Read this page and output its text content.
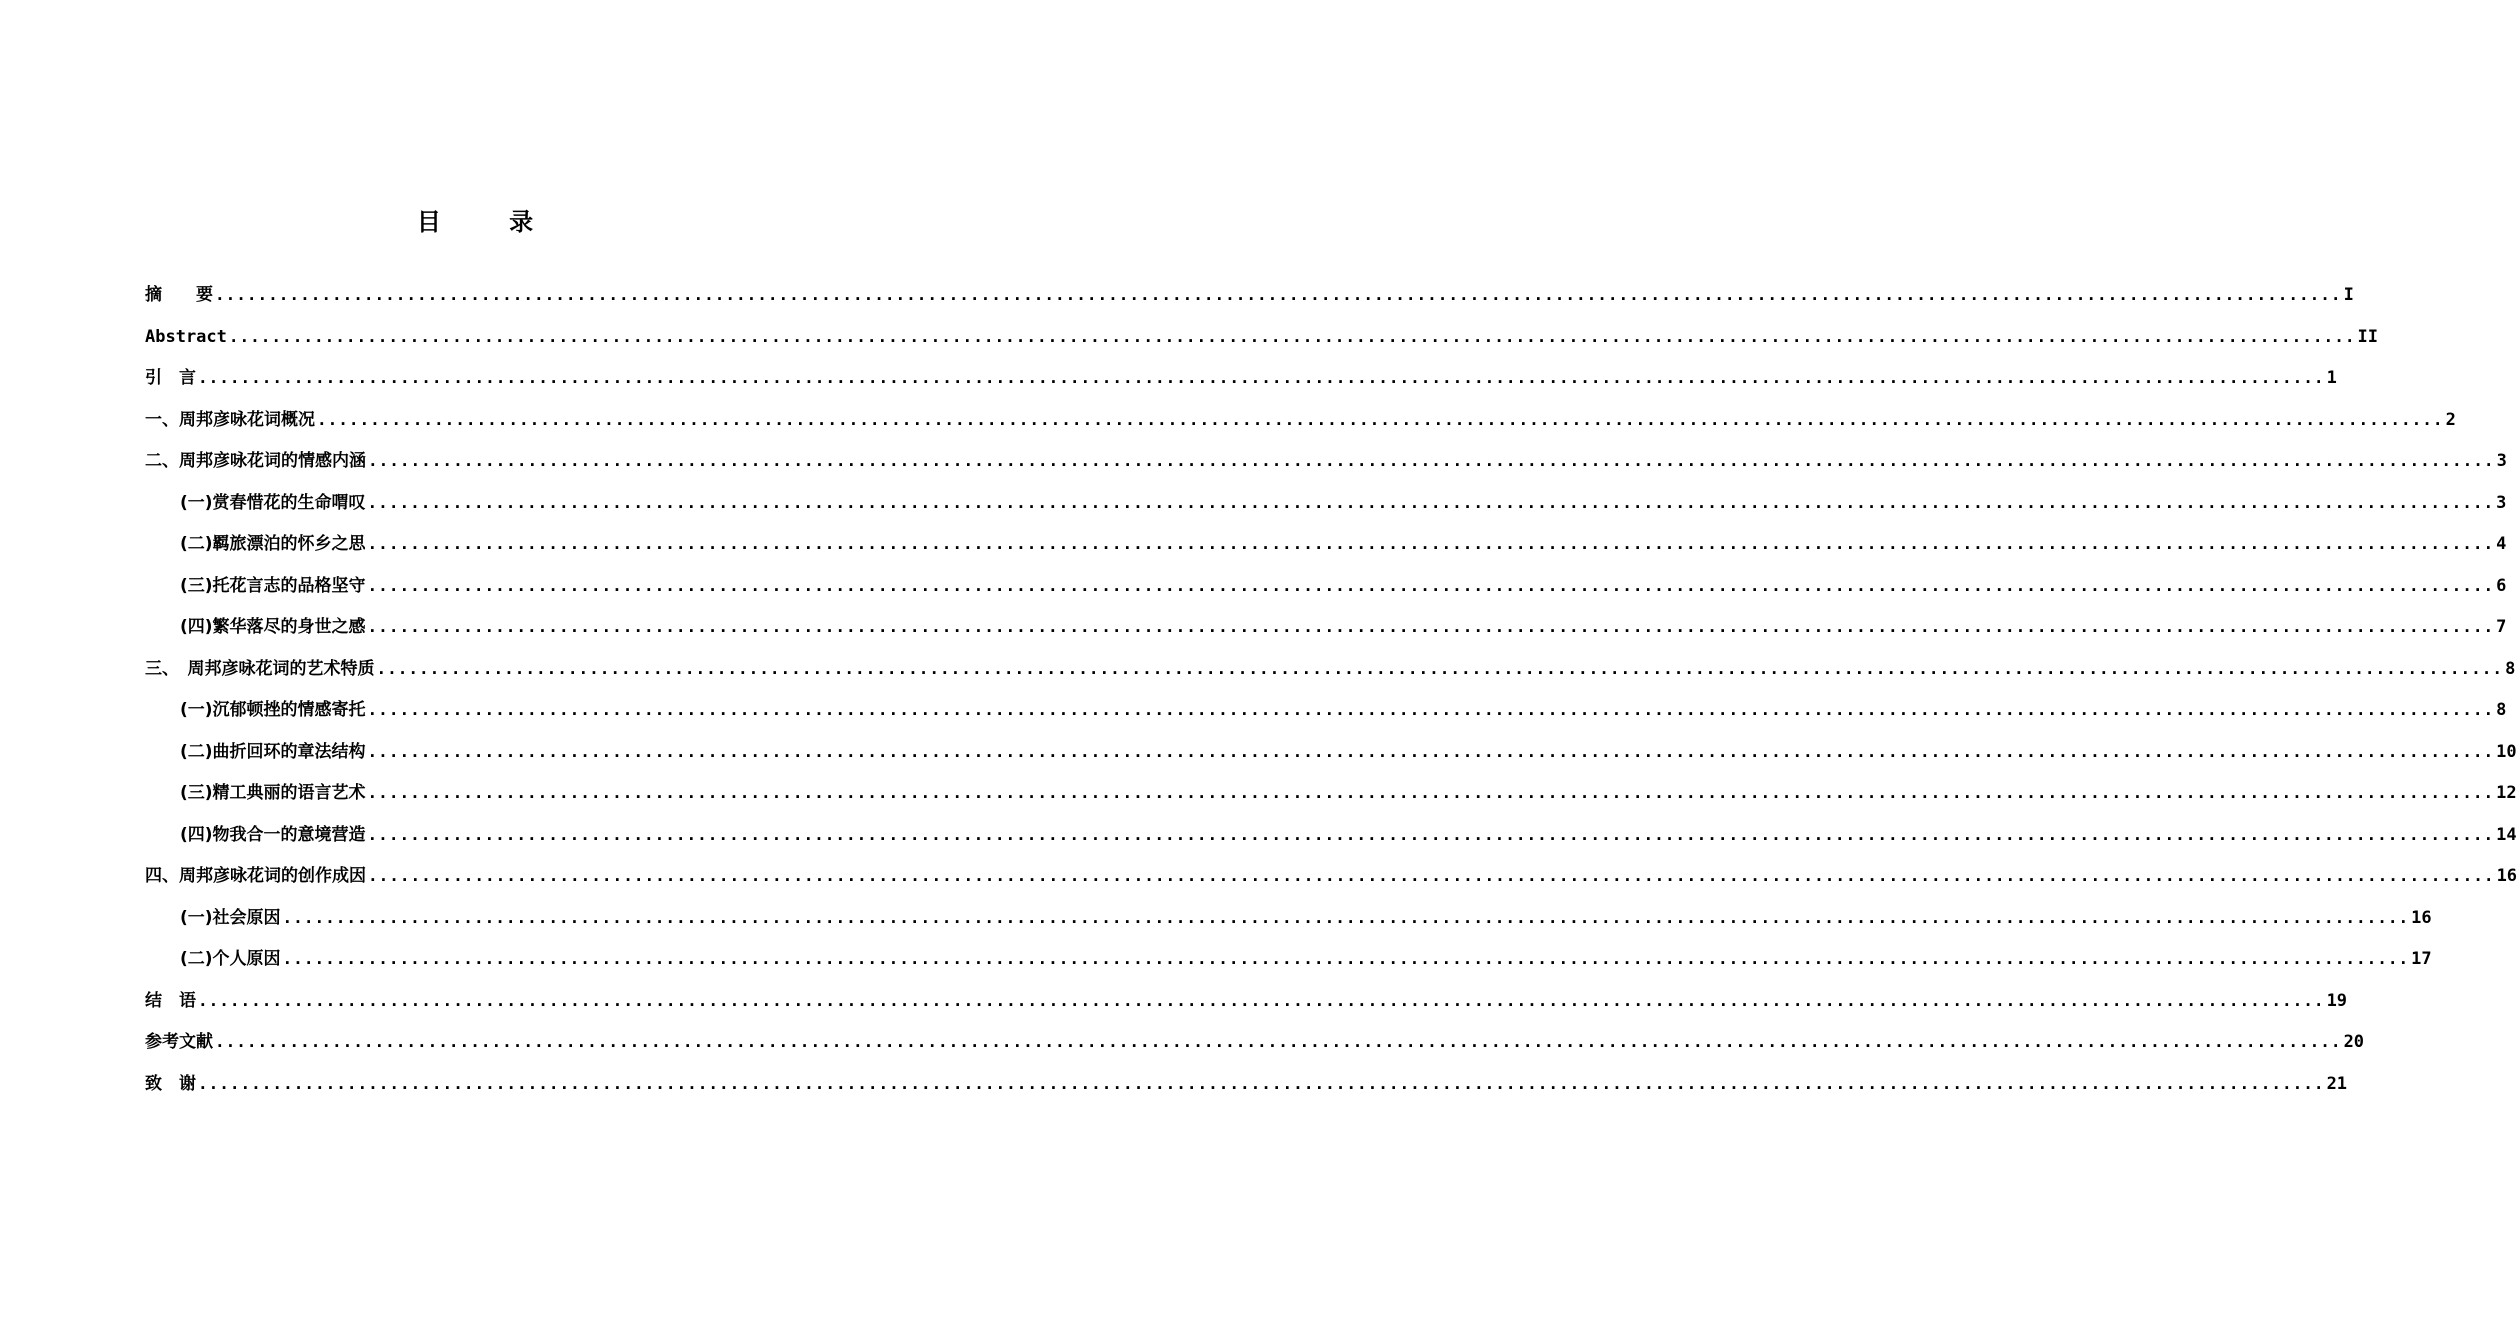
目 录
摘　　要 ........................................................................................................................................................................................................ I
Abstract ........................................................................................................................................................................................................ II
引　言 ........................................................................................................................................................................................................ 1
一、周邦彦咏花词概况 ........................................................................................................................................................................................................ 2
二、周邦彦咏花词的情感内涵 ........................................................................................................................................................................................................ 3
(一)赏春惜花的生命喟叹 ........................................................................................................................................................................................................ 3
(二)羁旅漂泊的怀乡之思 ........................................................................................................................................................................................................ 4
(三)托花言志的品格坚守 ........................................................................................................................................................................................................ 6
(四)繁华落尽的身世之感 ........................................................................................................................................................................................................ 7
三、　周邦彦咏花词的艺术特质 ........................................................................................................................................................................................................ 8
(一)沉郁顿挫的情感寄托 ........................................................................................................................................................................................................ 8
(二)曲折回环的章法结构 ........................................................................................................................................................................................................ 10
(三)精工典丽的语言艺术 ........................................................................................................................................................................................................ 12
(四)物我合一的意境营造 ........................................................................................................................................................................................................ 14
四、周邦彦咏花词的创作成因 ........................................................................................................................................................................................................ 16
(一)社会原因 ........................................................................................................................................................................................................ 16
(二)个人原因 ........................................................................................................................................................................................................ 17
结　语 ........................................................................................................................................................................................................ 19
参考文献 ........................................................................................................................................................................................................ 20
致　谢 ........................................................................................................................................................................................................ 21
